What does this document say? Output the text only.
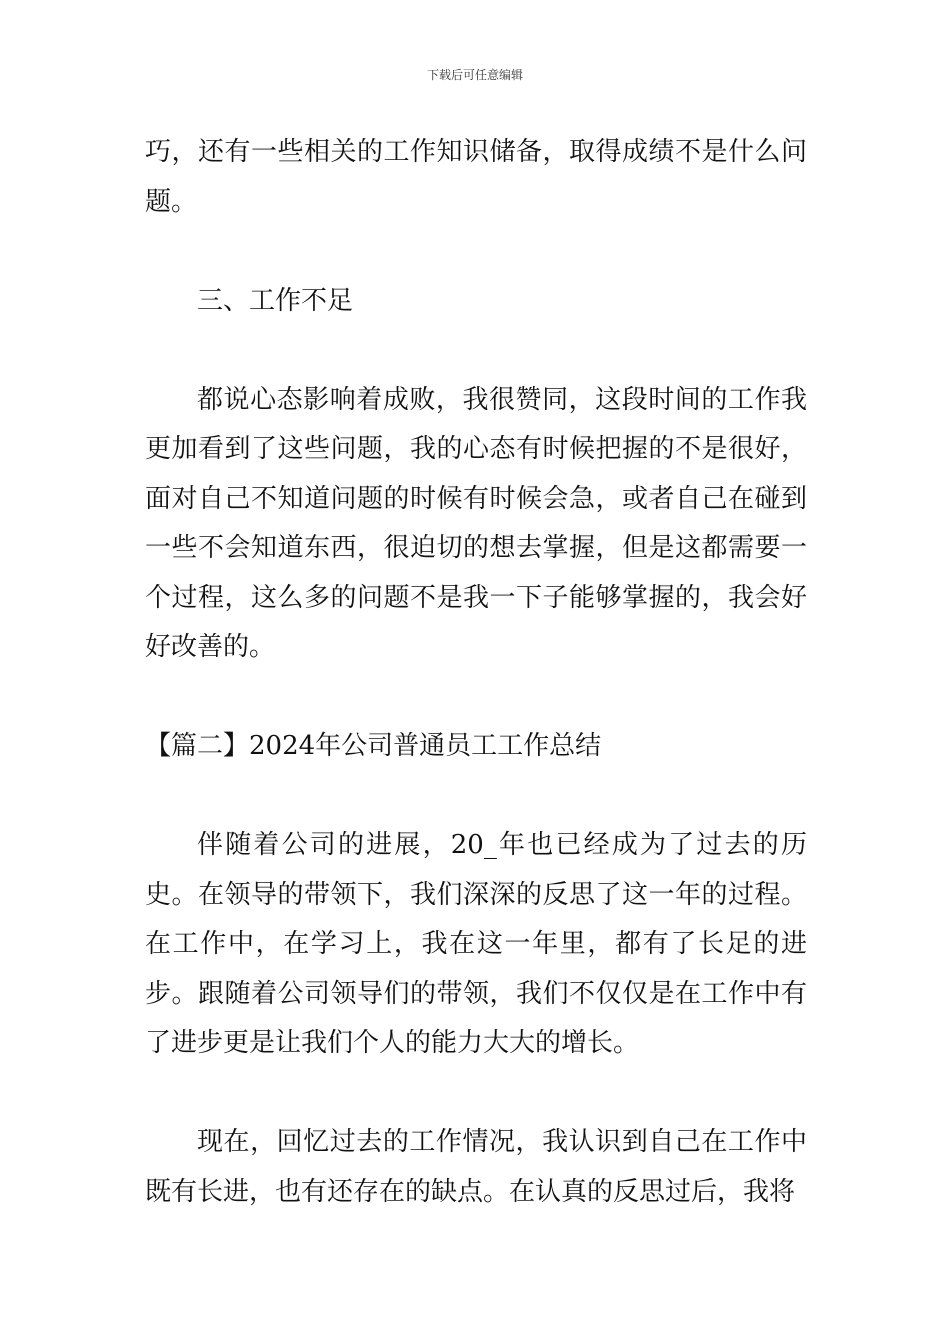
下载后可任意编辑

巧，还有一些相关的工作知识储备，取得成绩不是什么问题。

三、工作不足

都说心态影响着成败，我很赞同，这段时间的工作我更加看到了这些问题，我的心态有时候把握的不是很好，面对自己不知道问题的时候有时候会急，或者自己在碰到一些不会知道东西，很迫切的想去掌握，但是这都需要一个过程，这么多的问题不是我一下子能够掌握的，我会好好改善的。

【篇二】2024年公司普通员工工作总结

伴随着公司的进展，20_年也已经成为了过去的历史。在领导的带领下，我们深深的反思了这一年的过程。在工作中，在学习上，我在这一年里，都有了长足的进步。跟随着公司领导们的带领，我们不仅仅是在工作中有了进步更是让我们个人的能力大大的增长。

现在，回忆过去的工作情况，我认识到自己在工作中既有长进，也有还存在的缺点。在认真的反思过后，我将
